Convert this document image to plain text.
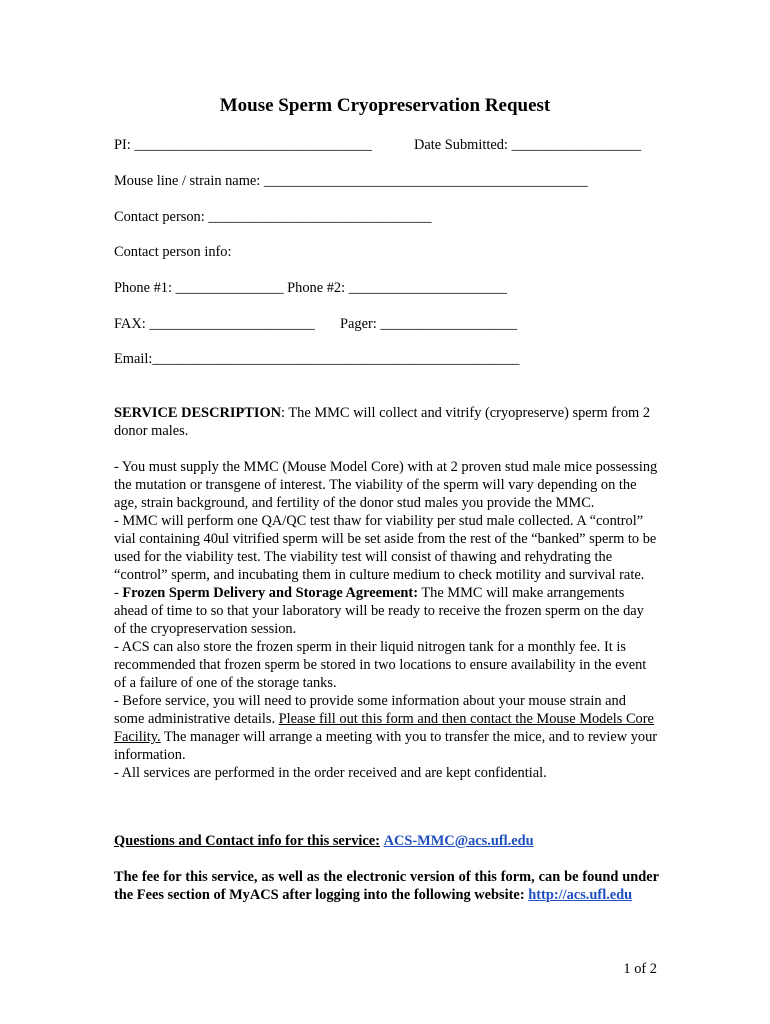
Mouse Sperm Cryopreservation Request
PI: _________________________________	Date Submitted: __________________
Mouse line / strain name: _____________________________________________
Contact person: _______________________________
Contact person info:
Phone #1: _______________ Phone #2: ______________________
FAX: _______________________ Pager: ___________________
Email:___________________________________________________

SERVICE DESCRIPTION: The MMC will collect and vitrify (cryopreserve) sperm from 2 donor males.

- You must supply the MMC (Mouse Model Core) with at 2 proven stud male mice possessing the mutation or transgene of interest. The viability of the sperm will vary depending on the age, strain background, and fertility of the donor stud males you provide the MMC.

- MMC will perform one QA/QC test thaw for viability per stud male collected. A “control” vial containing 40ul vitrified sperm will be set aside from the rest of the “banked” sperm to be used for the viability test. The viability test will consist of thawing and rehydrating the “control” sperm, and incubating them in culture medium to check motility and survival rate.

- Frozen Sperm Delivery and Storage Agreement: The MMC will make arrangements ahead of time to so that your laboratory will be ready to receive the frozen sperm on the day of the cryopreservation session.

- ACS can also store the frozen sperm in their liquid nitrogen tank for a monthly fee. It is recommended that frozen sperm be stored in two locations to ensure availability in the event of a failure of one of the storage tanks.

- Before service, you will need to provide some information about your mouse strain and some administrative details. Please fill out this form and then contact the Mouse Models Core Facility. The manager will arrange a meeting with you to transfer the mice, and to review your information.

- All services are performed in the order received and are kept confidential.

Questions and Contact info for this service: ACS-MMC@acs.ufl.edu

The fee for this service, as well as the electronic version of this form, can be found under the Fees section of MyACS after logging into the following website: http://acs.ufl.edu

1 of 2
